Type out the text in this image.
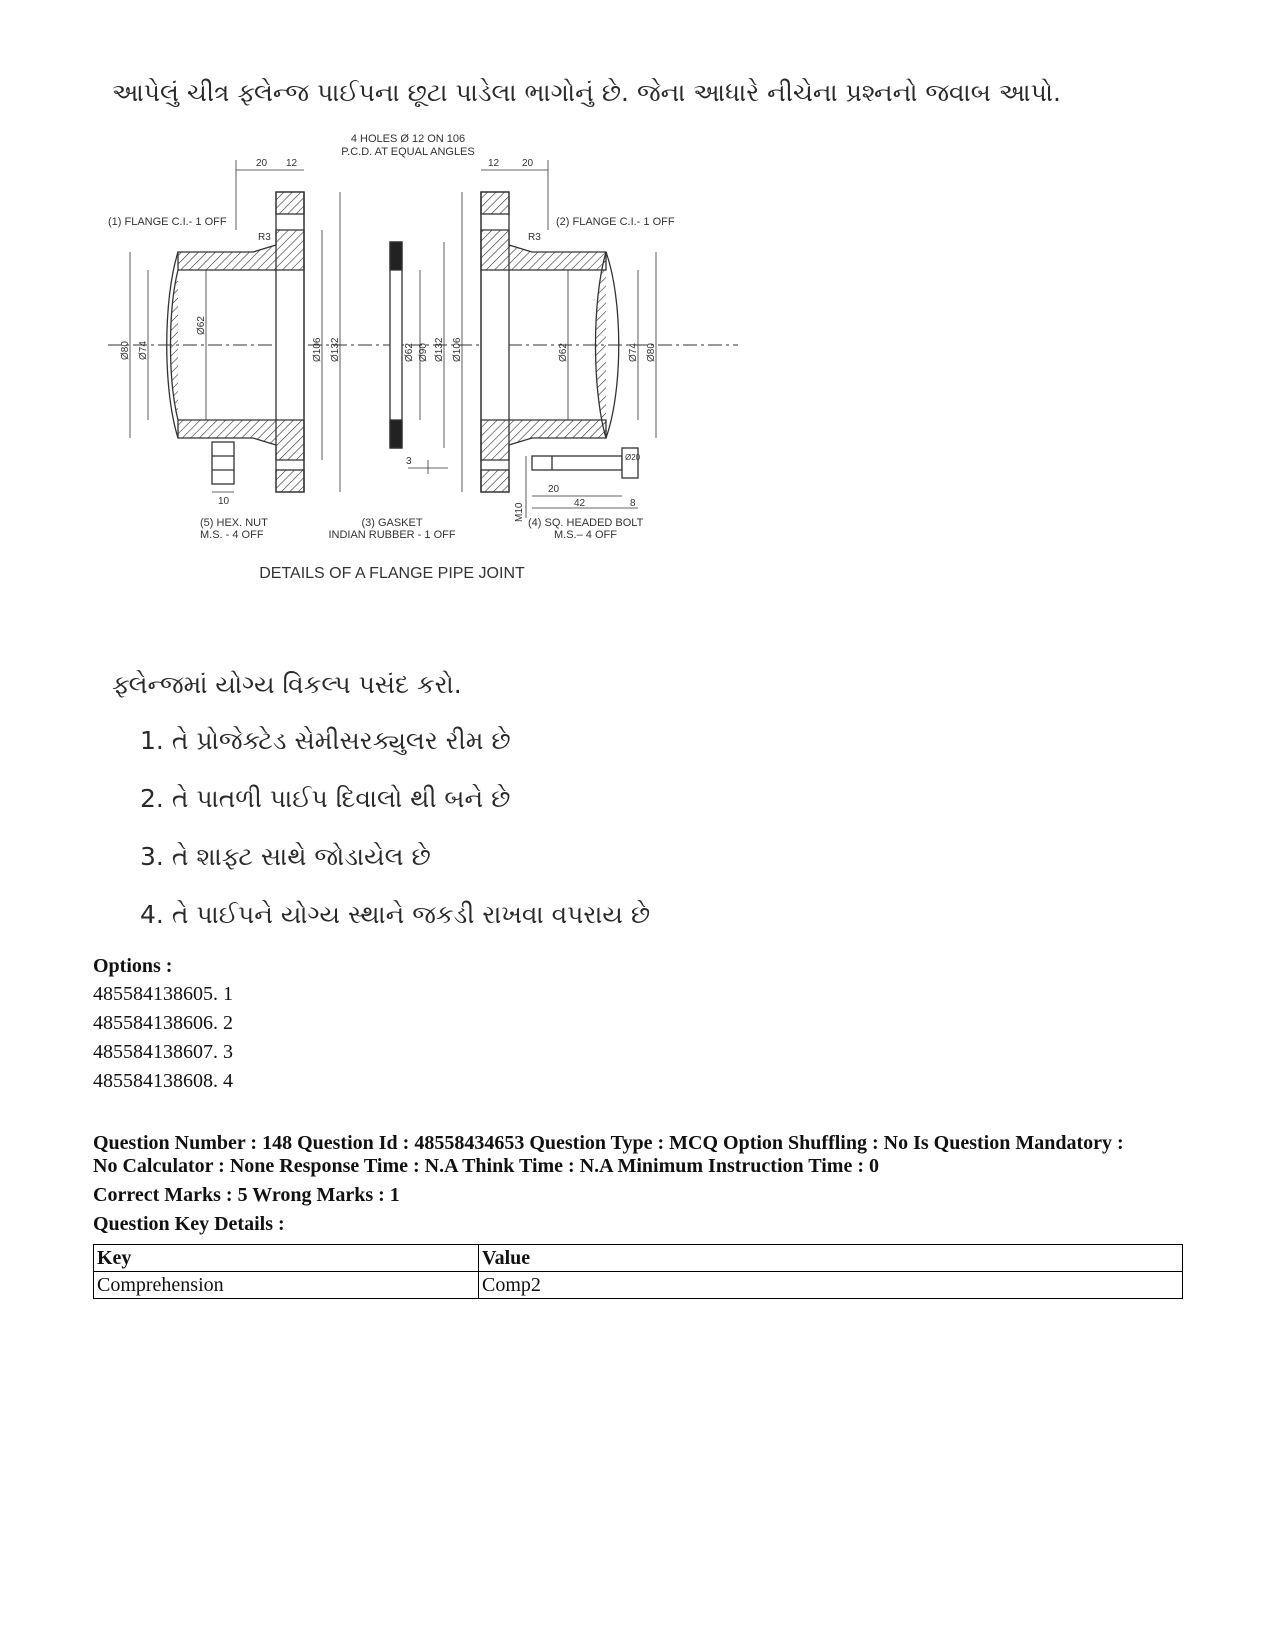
આપેલું ચીત્ર ફ્લેન્જ પાઈપના છૂટા પાડેલા ભાગોનું છે. જેના આધારે નીચેના પ્રશ્નનો જવાબ આપો.
4 HOLES Ø 12 ON 106
P.C.D. AT EQUAL ANGLES
(1) FLANGE C.I.- 1 OFF	(2) FLANGE C.I.- 1 OFF
R3	R3
20 12	12 20
Ø80 Ø74
Ø62
Ø106 Ø132	Ø62 Ø90 Ø132 Ø106	Ø62	Ø74 Ø80
3
10
M10
20
42	8
Ø20
(5) HEX. NUT
M.S. - 4 OFF
(3) GASKET
INDIAN RUBBER - 1 OFF
(4) SQ. HEADED BOLT
M.S.– 4 OFF
DETAILS OF A FLANGE PIPE JOINT
ફ્લેન્જમાં યોગ્ય વિકલ્પ પસંદ કરો.
1. તે પ્રોજેક્ટેડ સેમીસરક્યુલર રીમ છે
2. તે પાતળી પાઈપ દિવાલો થી બને છે
3. તે શાફ્ટ સાથે જોડાયેલ છે
4. તે પાઈપને યોગ્ય સ્થાને જકડી રાખવા વપરાય છે
Options :
485584138605. 1
485584138606. 2
485584138607. 3
485584138608. 4
Question Number : 148 Question Id : 48558434653 Question Type : MCQ Option Shuffling : No Is Question Mandatory :
No Calculator : None Response Time : N.A Think Time : N.A Minimum Instruction Time : 0
Correct Marks : 5 Wrong Marks : 1
Question Key Details :
Key	Value
Comprehension	Comp2
